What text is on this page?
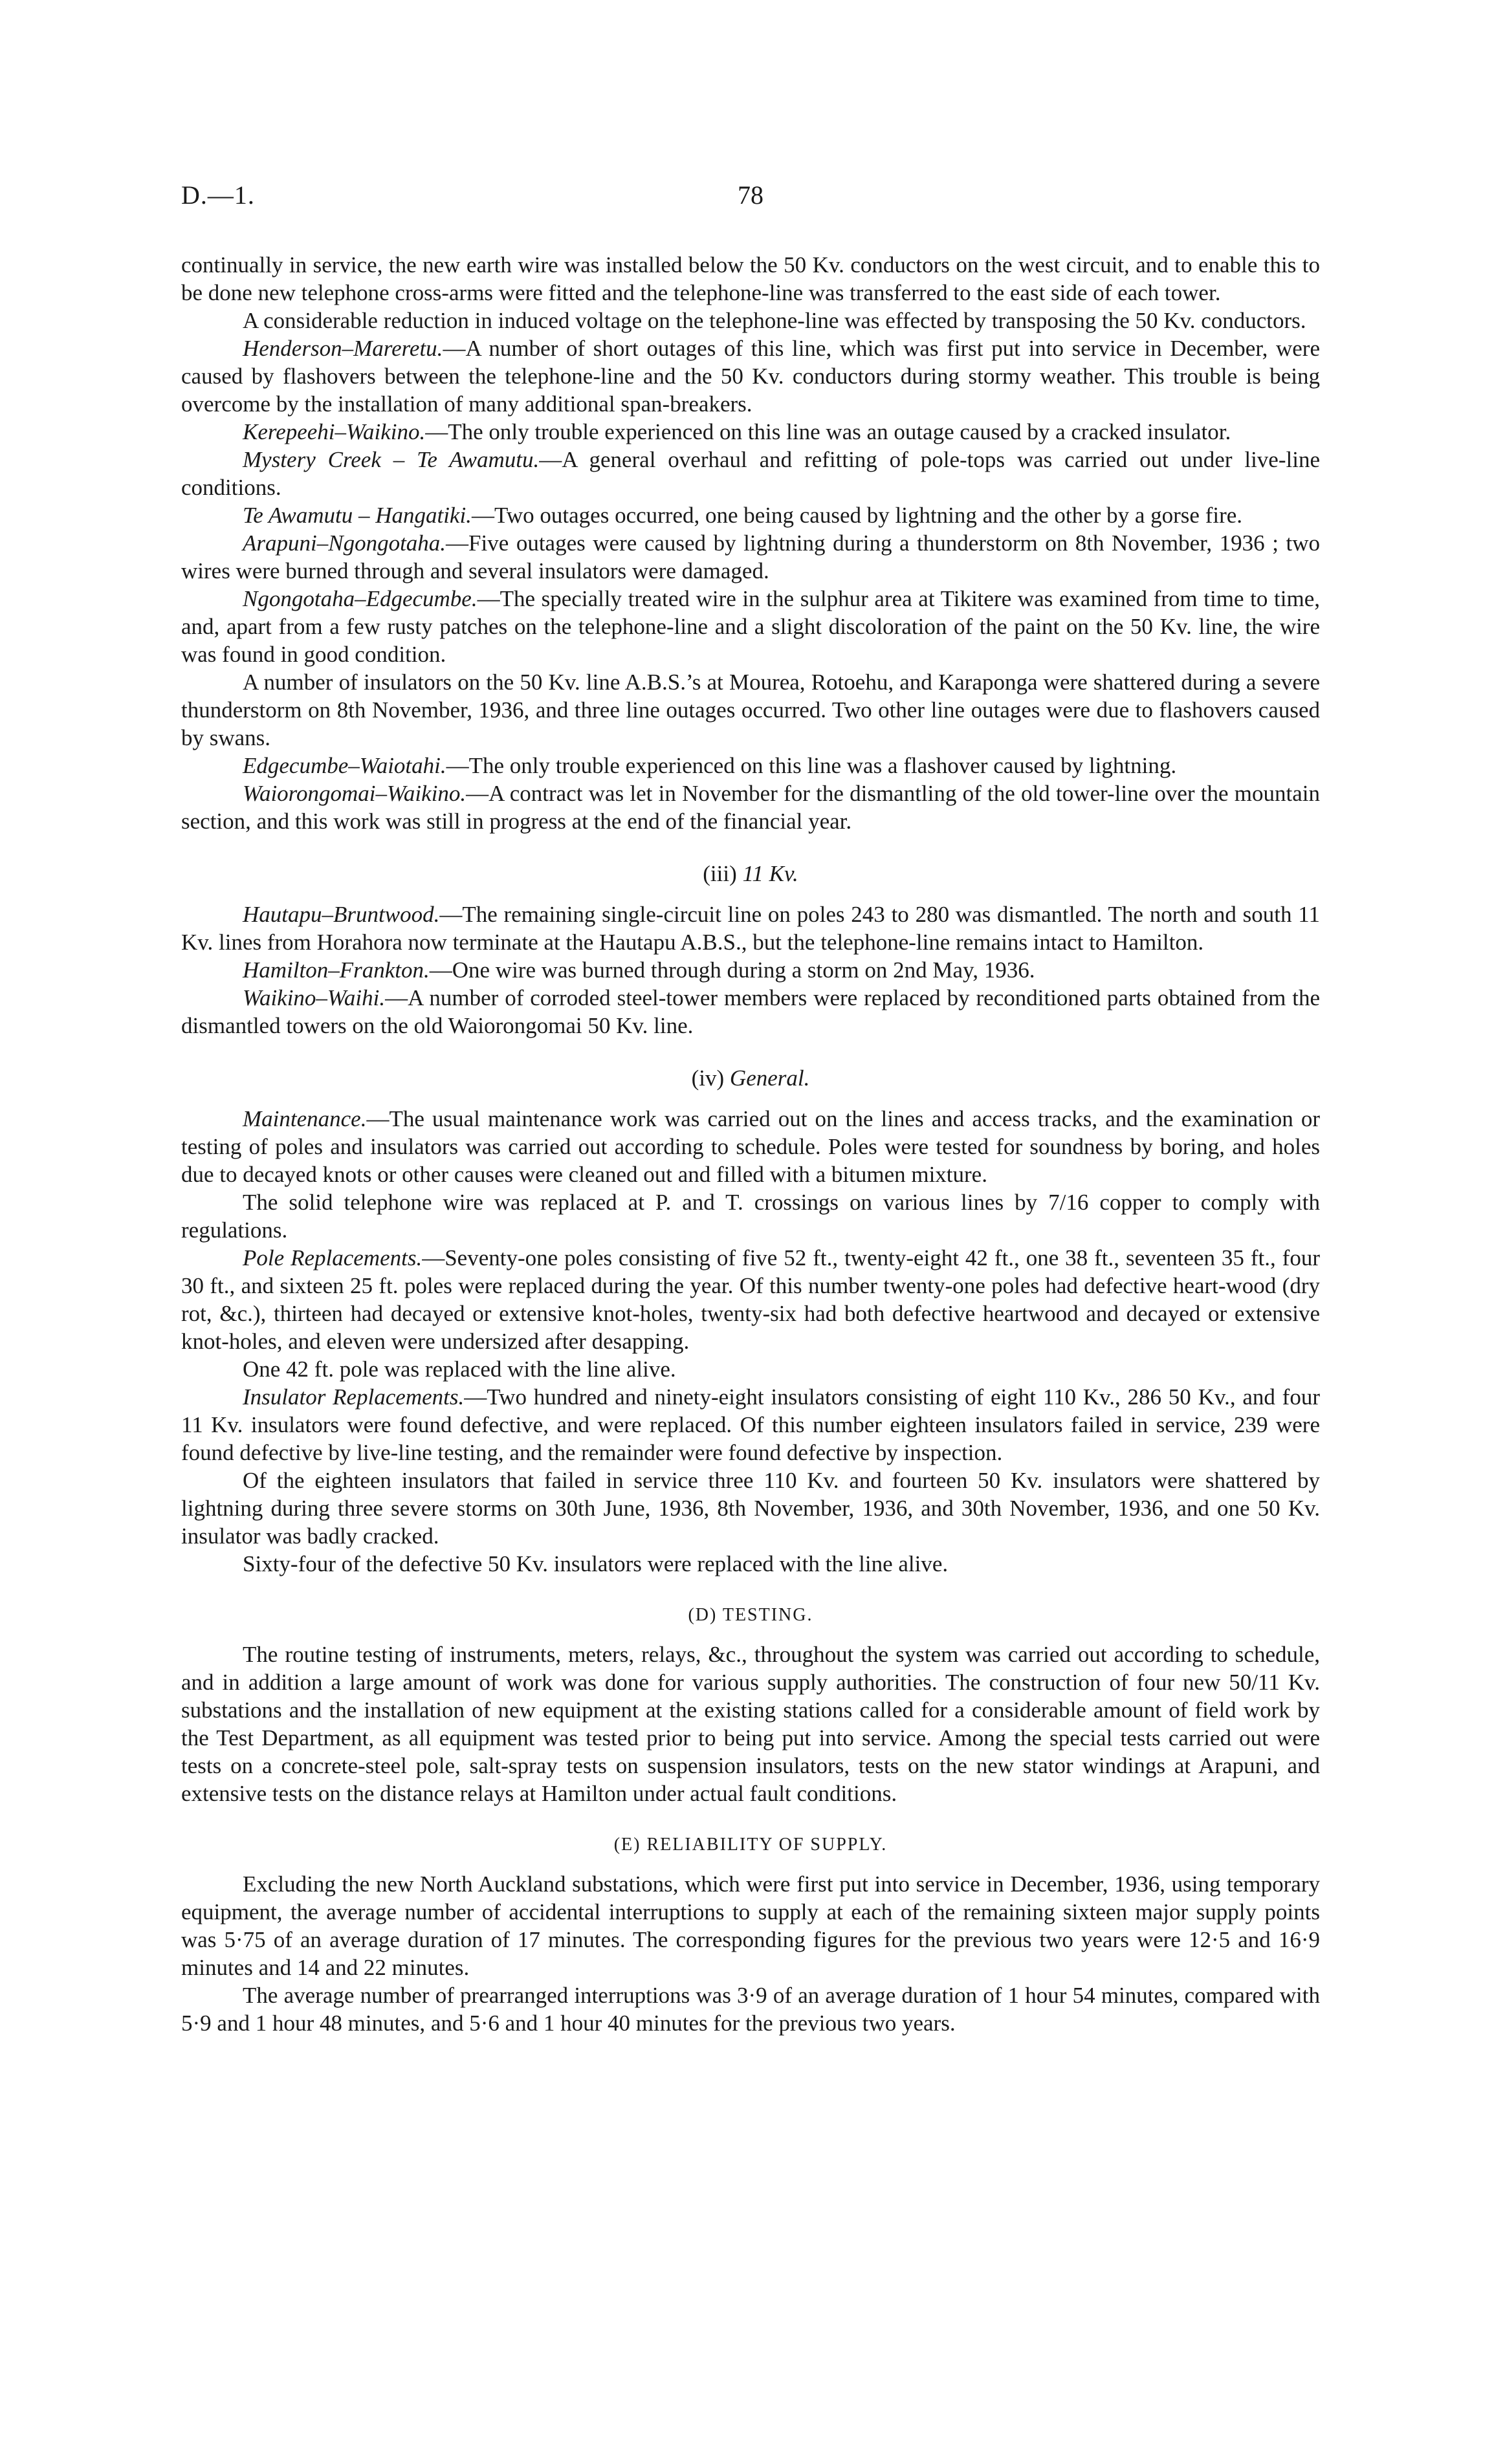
D.—1.	78

continually in service, the new earth wire was installed below the 50 Kv. conductors on the west circuit, and to enable this to be done new telephone cross-arms were fitted and the telephone-line was transferred to the east side of each tower.

A considerable reduction in induced voltage on the telephone-line was effected by transposing the 50 Kv. conductors.

Henderson–Mareretu.—A number of short outages of this line, which was first put into service in December, were caused by flashovers between the telephone-line and the 50 Kv. conductors during stormy weather. This trouble is being overcome by the installation of many additional span-breakers.

Kerepeehi–Waikino.—The only trouble experienced on this line was an outage caused by a cracked insulator.

Mystery Creek – Te Awamutu.—A general overhaul and refitting of pole-tops was carried out under live-line conditions.

Te Awamutu – Hangatiki.—Two outages occurred, one being caused by lightning and the other by a gorse fire.

Arapuni–Ngongotaha.—Five outages were caused by lightning during a thunderstorm on 8th November, 1936 ; two wires were burned through and several insulators were damaged.

Ngongotaha–Edgecumbe.—The specially treated wire in the sulphur area at Tikitere was examined from time to time, and, apart from a few rusty patches on the telephone-line and a slight discoloration of the paint on the 50 Kv. line, the wire was found in good condition.

A number of insulators on the 50 Kv. line A.B.S.’s at Mourea, Rotoehu, and Karaponga were shattered during a severe thunderstorm on 8th November, 1936, and three line outages occurred. Two other line outages were due to flashovers caused by swans.

Edgecumbe–Waiotahi.—The only trouble experienced on this line was a flashover caused by lightning.

Waiorongomai–Waikino.—A contract was let in November for the dismantling of the old tower-line over the mountain section, and this work was still in progress at the end of the financial year.

(iii) 11 Kv.

Hautapu–Bruntwood.—The remaining single-circuit line on poles 243 to 280 was dismantled. The north and south 11 Kv. lines from Horahora now terminate at the Hautapu A.B.S., but the telephone-line remains intact to Hamilton.

Hamilton–Frankton.—One wire was burned through during a storm on 2nd May, 1936.

Waikino–Waihi.—A number of corroded steel-tower members were replaced by reconditioned parts obtained from the dismantled towers on the old Waiorongomai 50 Kv. line.

(iv) General.

Maintenance.—The usual maintenance work was carried out on the lines and access tracks, and the examination or testing of poles and insulators was carried out according to schedule. Poles were tested for soundness by boring, and holes due to decayed knots or other causes were cleaned out and filled with a bitumen mixture.

The solid telephone wire was replaced at P. and T. crossings on various lines by 7/16 copper to comply with regulations.

Pole Replacements.—Seventy-one poles consisting of five 52 ft., twenty-eight 42 ft., one 38 ft., seventeen 35 ft., four 30 ft., and sixteen 25 ft. poles were replaced during the year. Of this number twenty-one poles had defective heart-wood (dry rot, &c.), thirteen had decayed or extensive knot-holes, twenty-six had both defective heartwood and decayed or extensive knot-holes, and eleven were undersized after desapping.

One 42 ft. pole was replaced with the line alive.

Insulator Replacements.—Two hundred and ninety-eight insulators consisting of eight 110 Kv., 286 50 Kv., and four 11 Kv. insulators were found defective, and were replaced. Of this number eighteen insulators failed in service, 239 were found defective by live-line testing, and the remainder were found defective by inspection.

Of the eighteen insulators that failed in service three 110 Kv. and fourteen 50 Kv. insulators were shattered by lightning during three severe storms on 30th June, 1936, 8th November, 1936, and 30th November, 1936, and one 50 Kv. insulator was badly cracked.

Sixty-four of the defective 50 Kv. insulators were replaced with the line alive.

(D) TESTING.

The routine testing of instruments, meters, relays, &c., throughout the system was carried out according to schedule, and in addition a large amount of work was done for various supply authorities. The construction of four new 50/11 Kv. substations and the installation of new equipment at the existing stations called for a considerable amount of field work by the Test Department, as all equipment was tested prior to being put into service. Among the special tests carried out were tests on a concrete-steel pole, salt-spray tests on suspension insulators, tests on the new stator windings at Arapuni, and extensive tests on the distance relays at Hamilton under actual fault conditions.

(E) RELIABILITY OF SUPPLY.

Excluding the new North Auckland substations, which were first put into service in December, 1936, using temporary equipment, the average number of accidental interruptions to supply at each of the remaining sixteen major supply points was 5·75 of an average duration of 17 minutes. The corresponding figures for the previous two years were 12·5 and 16·9 minutes and 14 and 22 minutes.

The average number of prearranged interruptions was 3·9 of an average duration of 1 hour 54 minutes, compared with 5·9 and 1 hour 48 minutes, and 5·6 and 1 hour 40 minutes for the previous two years.
